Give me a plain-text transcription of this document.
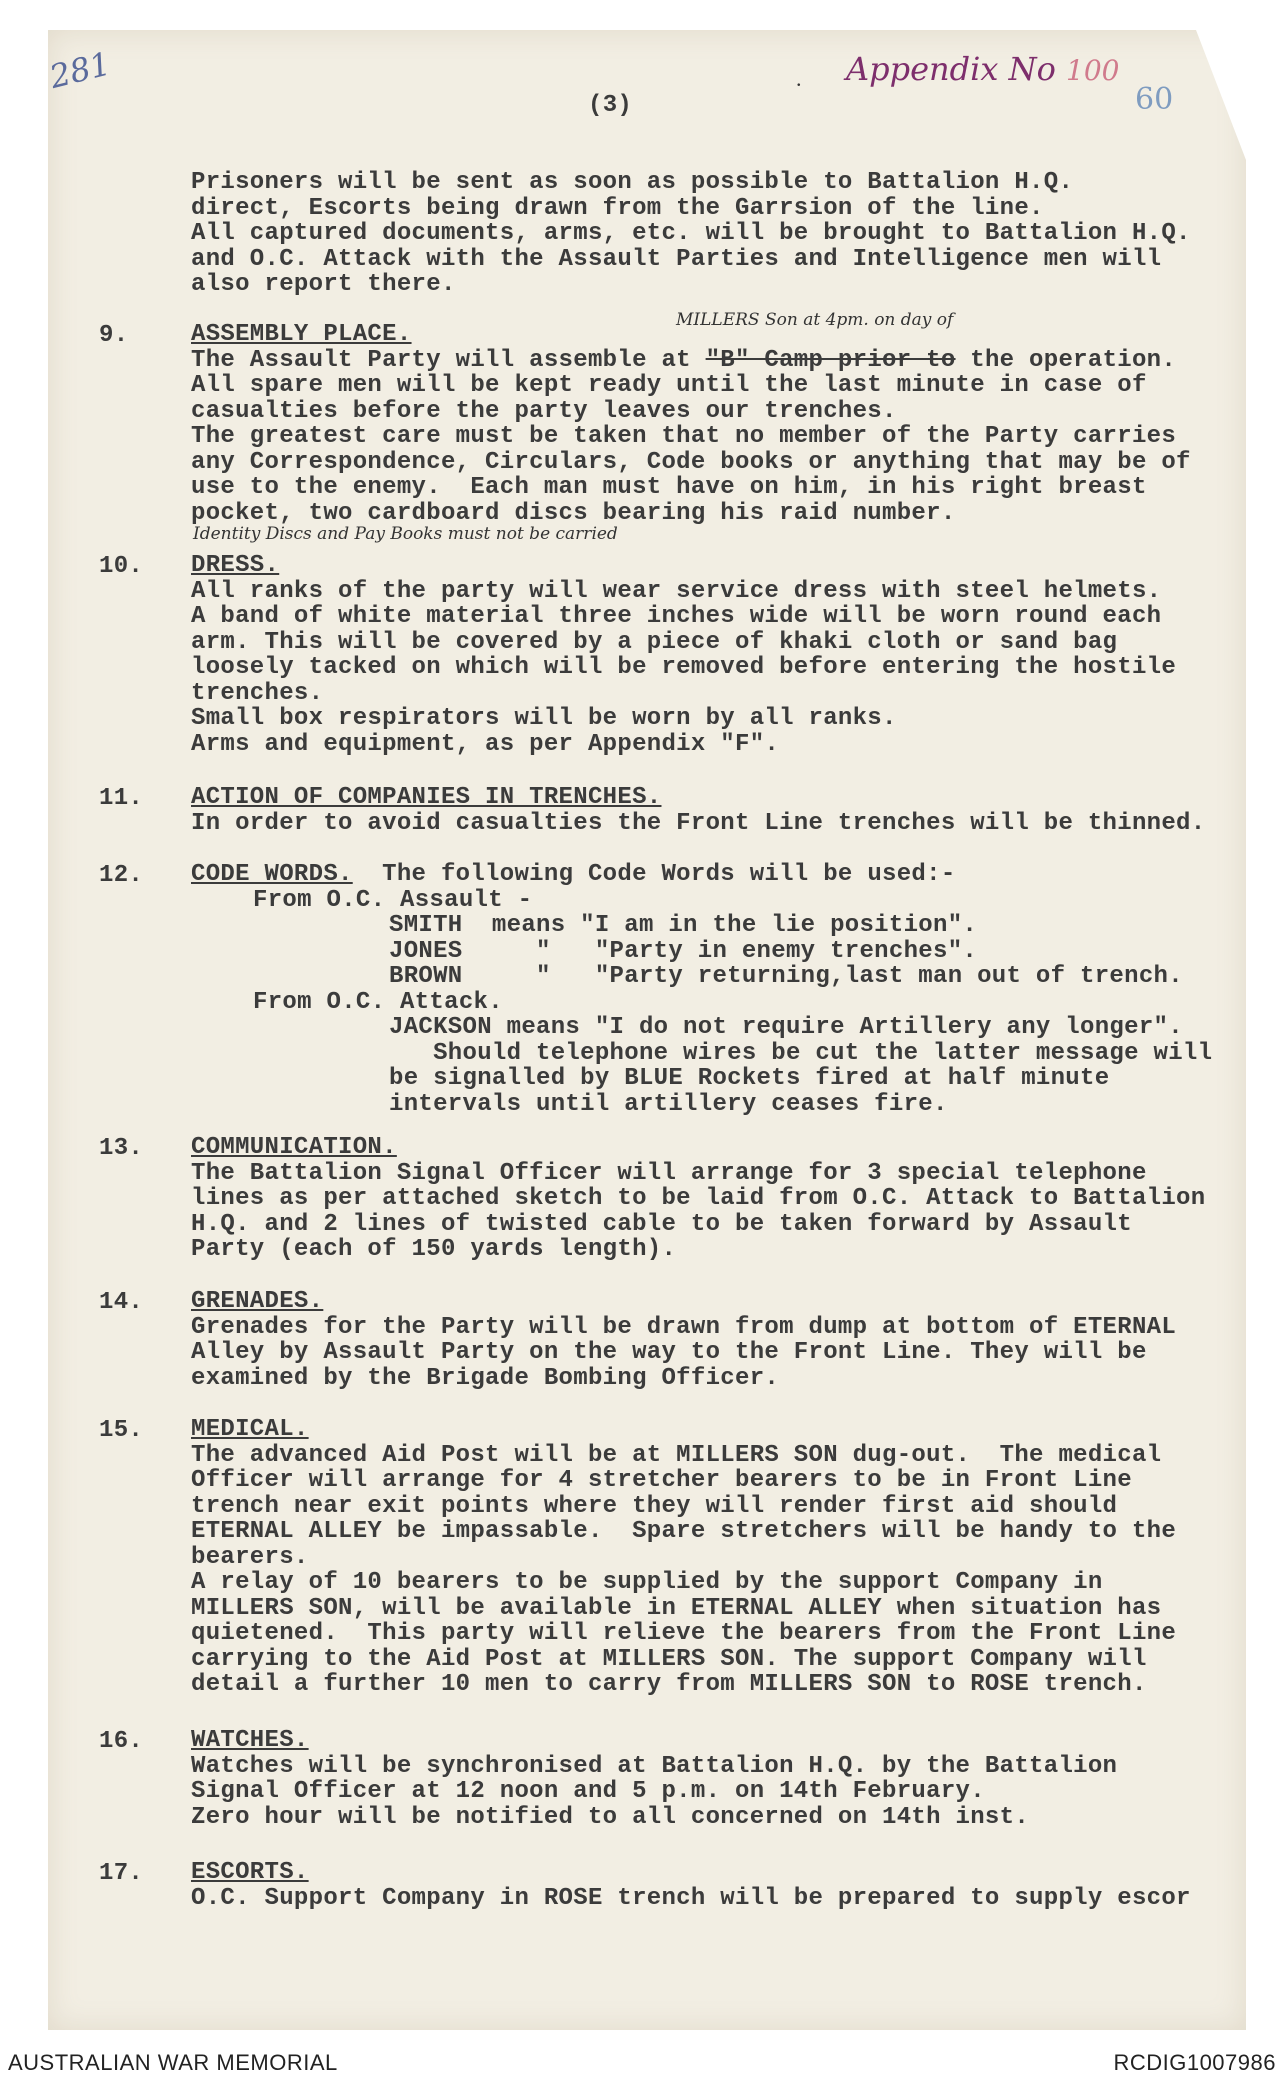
281
(3)
. Appendix No 100
60
Prisoners will be sent as soon as possible to Battalion H.Q.
direct, Escorts being drawn from the Garrsion of the line.
All captured documents, arms, etc. will be brought to Battalion H.Q.
and O.C. Attack with the Assault Parties and Intelligence men will
also report there.
9.
MILLERS Son at 4pm. on day of
ASSEMBLY PLACE.
The Assault Party will assemble at "B" Camp prior to the operation.
All spare men will be kept ready until the last minute in case of
casualties before the party leaves our trenches.
The greatest care must be taken that no member of the Party carries
any Correspondence, Circulars, Code books or anything that may be of
use to the enemy.  Each man must have on him, in his right breast
pocket, two cardboard discs bearing his raid number.
Identity Discs and Pay Books must not be carried
10. DRESS.
All ranks of the party will wear service dress with steel helmets.
A band of white material three inches wide will be worn round each
arm. This will be covered by a piece of khaki cloth or sand bag
loosely tacked on which will be removed before entering the hostile
trenches.
Small box respirators will be worn by all ranks.
Arms and equipment, as per Appendix "F".
11. ACTION OF COMPANIES IN TRENCHES.
In order to avoid casualties the Front Line trenches will be thinned.
12. CODE WORDS.  The following Code Words will be used:-
From O.C. Assault -
SMITH  means "I am in the lie position".
JONES     "   "Party in enemy trenches".
BROWN     "   "Party returning,last man out of trench.
From O.C. Attack.
JACKSON means "I do not require Artillery any longer".
Should telephone wires be cut the latter message will
be signalled by BLUE Rockets fired at half minute
intervals until artillery ceases fire.
13. COMMUNICATION.
The Battalion Signal Officer will arrange for 3 special telephone
lines as per attached sketch to be laid from O.C. Attack to Battalion
H.Q. and 2 lines of twisted cable to be taken forward by Assault
Party (each of 150 yards length).
14. GRENADES.
Grenades for the Party will be drawn from dump at bottom of ETERNAL
Alley by Assault Party on the way to the Front Line. They will be
examined by the Brigade Bombing Officer.
15. MEDICAL.
The advanced Aid Post will be at MILLERS SON dug-out.  The medical
Officer will arrange for 4 stretcher bearers to be in Front Line
trench near exit points where they will render first aid should
ETERNAL ALLEY be impassable.  Spare stretchers will be handy to the
bearers.
A relay of 10 bearers to be supplied by the support Company in
MILLERS SON, will be available in ETERNAL ALLEY when situation has
quietened.  This party will relieve the bearers from the Front Line
carrying to the Aid Post at MILLERS SON. The support Company will
detail a further 10 men to carry from MILLERS SON to ROSE trench.
16. WATCHES.
Watches will be synchronised at Battalion H.Q. by the Battalion
Signal Officer at 12 noon and 5 p.m. on 14th February.
Zero hour will be notified to all concerned on 14th inst.
17. ESCORTS.
O.C. Support Company in ROSE trench will be prepared to supply escor
AUSTRALIAN WAR MEMORIAL	RCDIG1007986
